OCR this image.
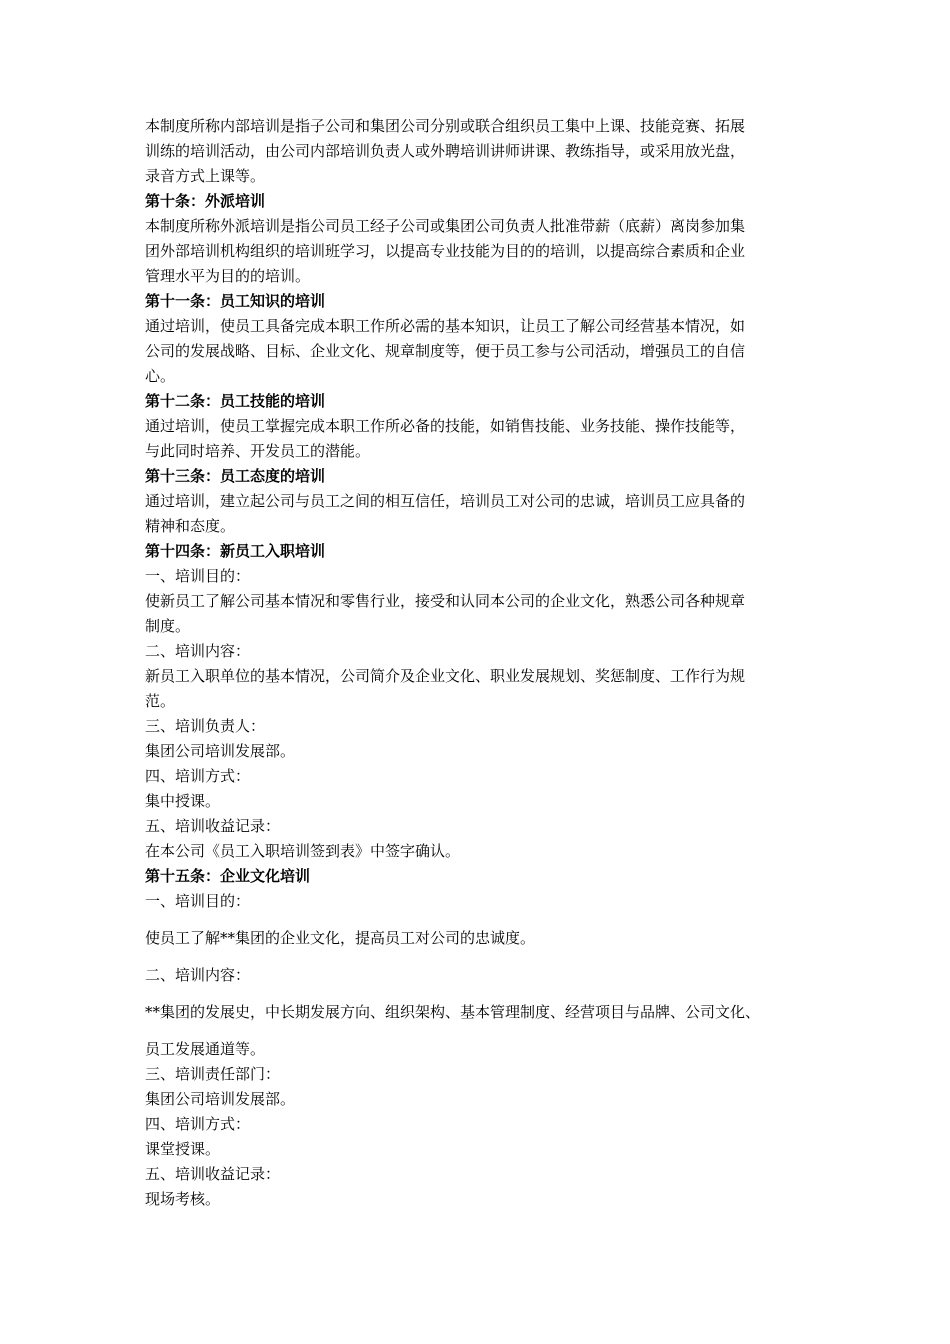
本制度所称内部培训是指子公司和集团公司分别或联合组织员工集中上课、技能竞赛、拓展
训练的培训活动，由公司内部培训负责人或外聘培训讲师讲课、教练指导，或采用放光盘，
录音方式上课等。
第十条：外派培训
本制度所称外派培训是指公司员工经子公司或集团公司负责人批准带薪（底薪）离岗参加集
团外部培训机构组织的培训班学习，以提高专业技能为目的的培训，以提高综合素质和企业
管理水平为目的的培训。
第十一条：员工知识的培训
通过培训，使员工具备完成本职工作所必需的基本知识，让员工了解公司经营基本情况，如
公司的发展战略、目标、企业文化、规章制度等，便于员工参与公司活动，增强员工的自信
心。
第十二条：员工技能的培训
通过培训，使员工掌握完成本职工作所必备的技能，如销售技能、业务技能、操作技能等，
与此同时培养、开发员工的潜能。
第十三条：员工态度的培训
通过培训，建立起公司与员工之间的相互信任，培训员工对公司的忠诚，培训员工应具备的
精神和态度。
第十四条：新员工入职培训
一、培训目的：
使新员工了解公司基本情况和零售行业，接受和认同本公司的企业文化，熟悉公司各种规章
制度。
二、培训内容：
新员工入职单位的基本情况，公司简介及企业文化、职业发展规划、奖惩制度、工作行为规
范。
三、培训负责人：
集团公司培训发展部。
四、培训方式：
集中授课。
五、培训收益记录：
在本公司《员工入职培训签到表》中签字确认。
第十五条：企业文化培训
一、培训目的：
使员工了解**集团的企业文化，提高员工对公司的忠诚度。
二、培训内容：
**集团的发展史，中长期发展方向、组织架构、基本管理制度、经营项目与品牌、公司文化、
员工发展通道等。
三、培训责任部门：
集团公司培训发展部。
四、培训方式：
课堂授课。
五、培训收益记录：
现场考核。
